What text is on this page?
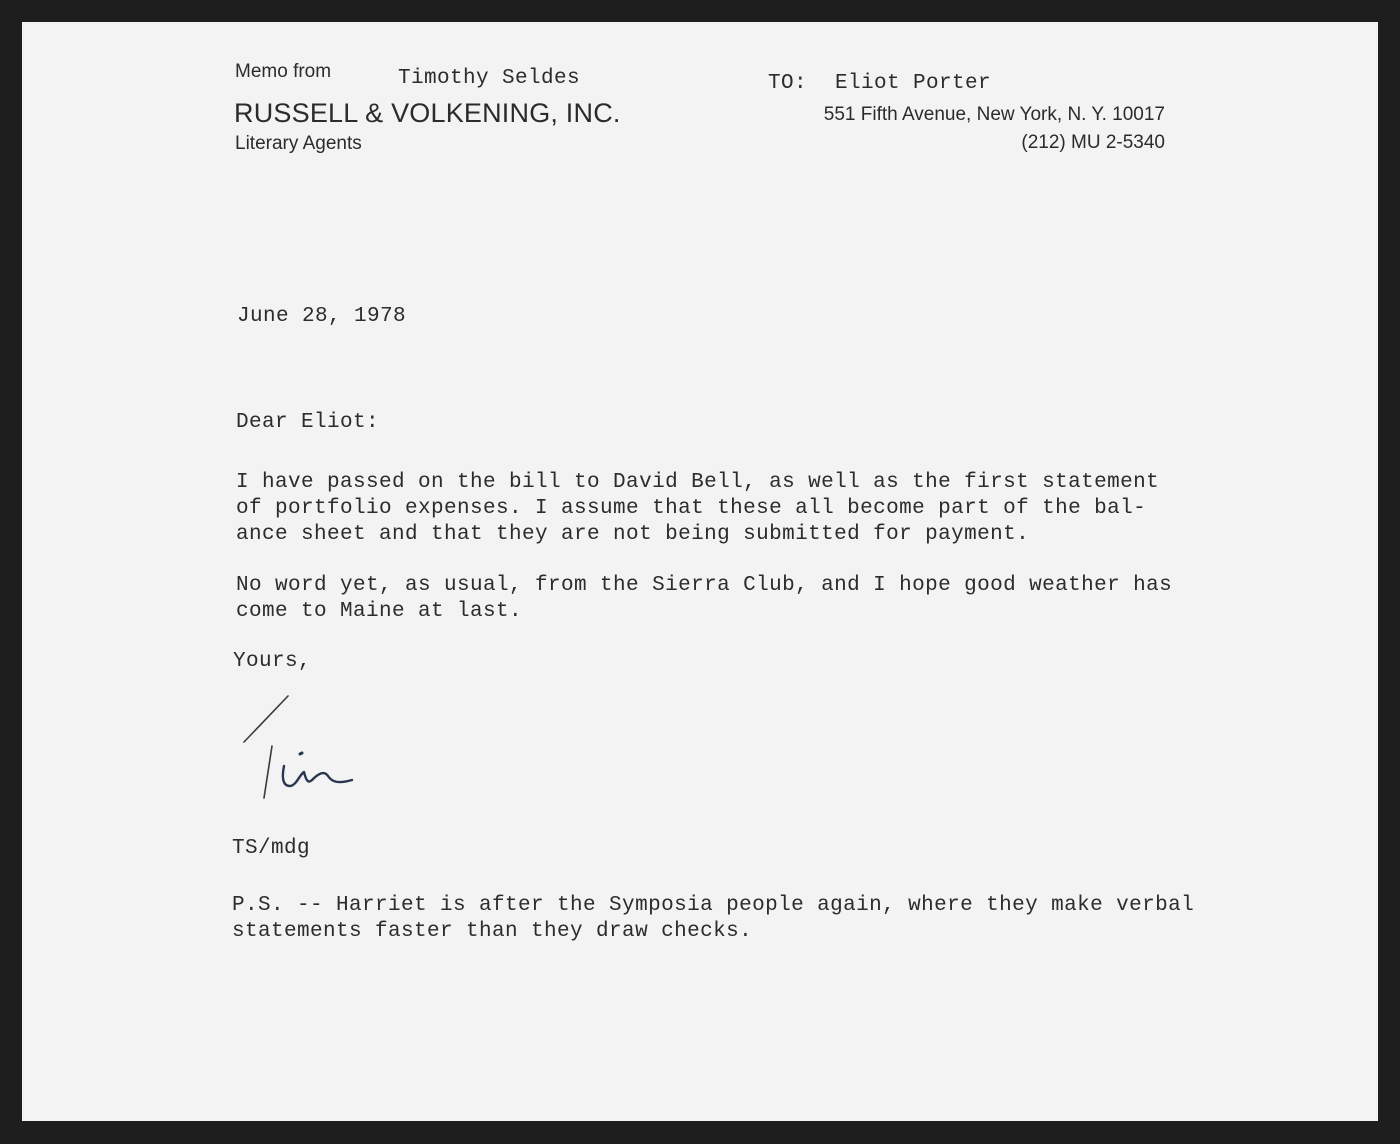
Memo from	Timothy Seldes
RUSSELL & VOLKENING, INC.
Literary Agents
TO: Eliot Porter
551 Fifth Avenue, New York, N. Y. 10017
(212) MU 2-5340
June 28, 1978
Dear Eliot:
I have passed on the bill to David Bell, as well as the first statement
of portfolio expenses. I assume that these all become part of the bal-
ance sheet and that they are not being submitted for payment.
No word yet, as usual, from the Sierra Club, and I hope good weather has
come to Maine at last.
Yours,
TS/mdg
P.S. -- Harriet is after the Symposia people again, where they make verbal
statements faster than they draw checks.
